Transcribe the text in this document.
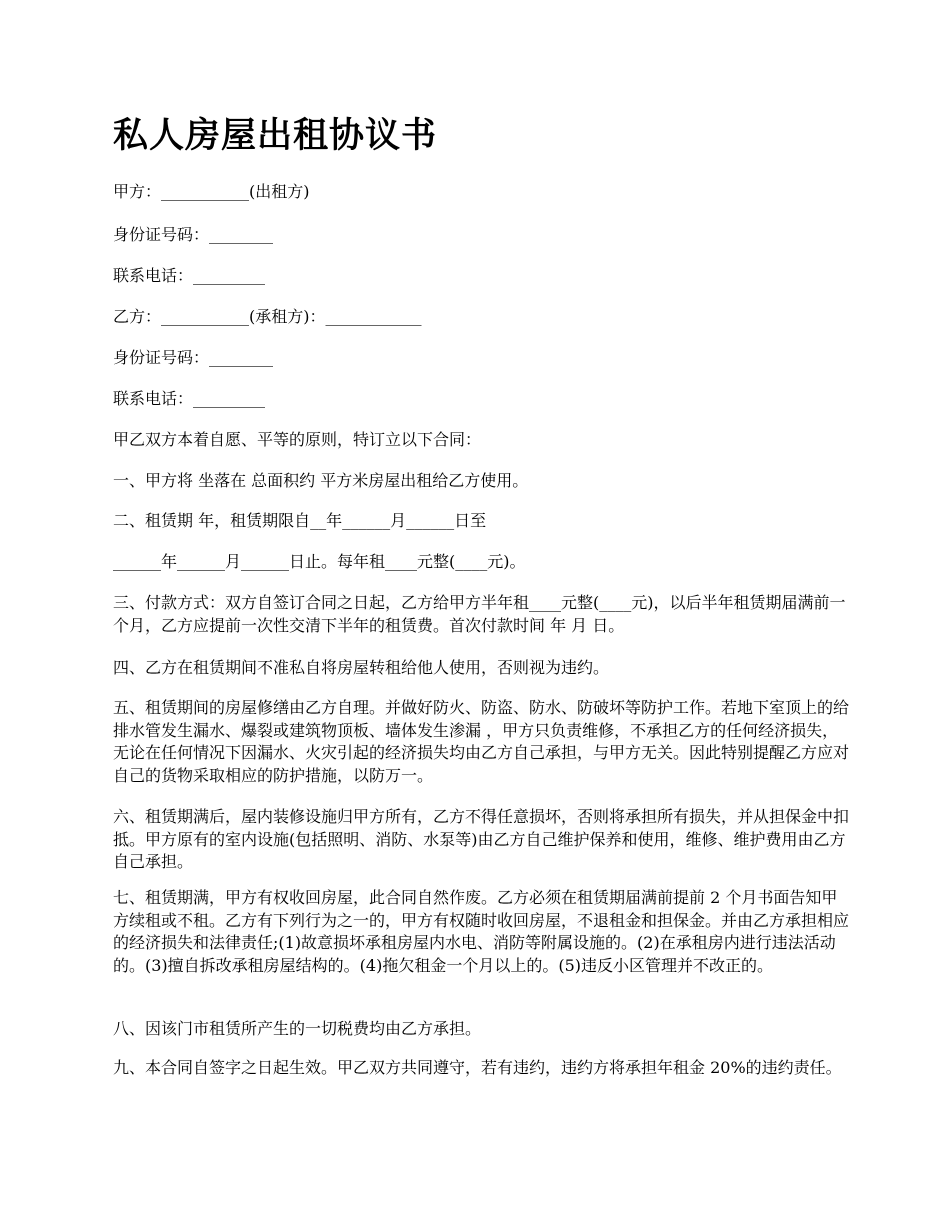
私人房屋出租协议书

甲方：___________(出租方)

身份证号码：________

联系电话：_________

乙方：___________(承租方)：____________

身份证号码：________

联系电话：_________

甲乙双方本着自愿、平等的原则，特订立以下合同：

一、甲方将 坐落在 总面积约 平方米房屋出租给乙方使用。

二、租赁期 年，租赁期限自__年______月______日至

______年______月______日止。每年租____元整(____元)。

三、付款方式：双方自签订合同之日起，乙方给甲方半年租____元整(____元)，以后半年租赁期届满前一个月，乙方应提前一次性交清下半年的租赁费。首次付款时间 年 月 日。

四、乙方在租赁期间不准私自将房屋转租给他人使用，否则视为违约。

五、租赁期间的房屋修缮由乙方自理。并做好防火、防盗、防水、防破坏等防护工作。若地下室顶上的给排水管发生漏水、爆裂或建筑物顶板、墙体发生渗漏 ，甲方只负责维修，不承担乙方的任何经济损失，无论在任何情况下因漏水、火灾引起的经济损失均由乙方自己承担，与甲方无关。因此特别提醒乙方应对自己的货物采取相应的防护措施，以防万一。

六、租赁期满后，屋内装修设施归甲方所有，乙方不得任意损坏，否则将承担所有损失，并从担保金中扣抵。甲方原有的室内设施(包括照明、消防、水泵等)由乙方自己维护保养和使用，维修、维护费用由乙方自己承担。

七、租赁期满，甲方有权收回房屋，此合同自然作废。乙方必须在租赁期届满前提前 2 个月书面告知甲方续租或不租。乙方有下列行为之一的，甲方有权随时收回房屋，不退租金和担保金。并由乙方承担相应的经济损失和法律责任;(1)故意损坏承租房屋内水电、消防等附属设施的。(2)在承租房内进行违法活动的。(3)擅自拆改承租房屋结构的。(4)拖欠租金一个月以上的。(5)违反小区管理并不改正的。

八、因该门市租赁所产生的一切税费均由乙方承担。

九、本合同自签字之日起生效。甲乙双方共同遵守，若有违约，违约方将承担年租金 20%的违约责任。
